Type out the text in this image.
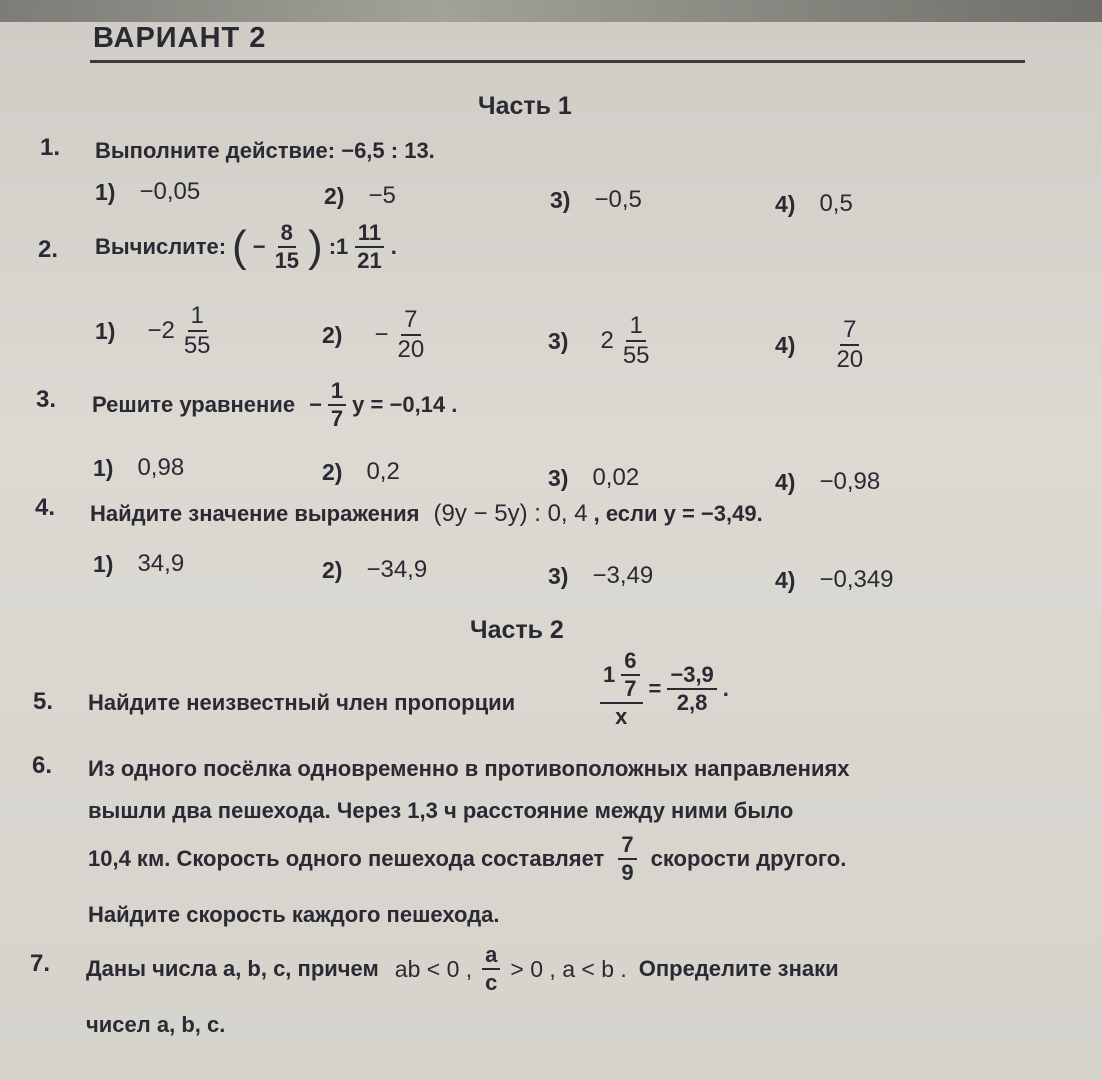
ВАРИАНТ 2
Часть 1
1. Выполните действие: −6,5 : 13.
1) −0,05	2) −5	3) −0,5	4) 0,5
2. Вычислите: ( − $\frac{8}{15}$ ) :1 $\frac{11}{21}$ .
$1) -2 \frac{1}{55}$	$2) - \frac{7}{20}$	3) $2 \frac{1}{55}$	$4) \frac{7}{20}$
3. Решите уравнение − $\frac{1}{7}$ y = −0,14 .
1) 0,98	2) 0,2	3) 0,02	4) −0,98
4. Найдите значение выражения (9y − 5y) : 0, 4 , если y = −3,49.
1) 34,9	2) −34,9	3) −3,49	4) −0,349
Часть 2
5. Найдите неизвестный член пропорции	$\frac{1 \frac{6}{7}}{x} = \frac{-3,9}{2,8}$ .
6. Из одного посёлка одновременно в противоположных направлениях
вышли два пешехода. Через 1,3 ч расстояние между ними было
10,4 км. Скорость одного пешехода составляет $\frac{7}{9}$ скорости другого.
Найдите скорость каждого пешехода.
7. Даны числа a, b, c, причем ab < 0 , $\frac{a}{c} > 0$ , a < b . Определите знаки
чисел a, b, c.
